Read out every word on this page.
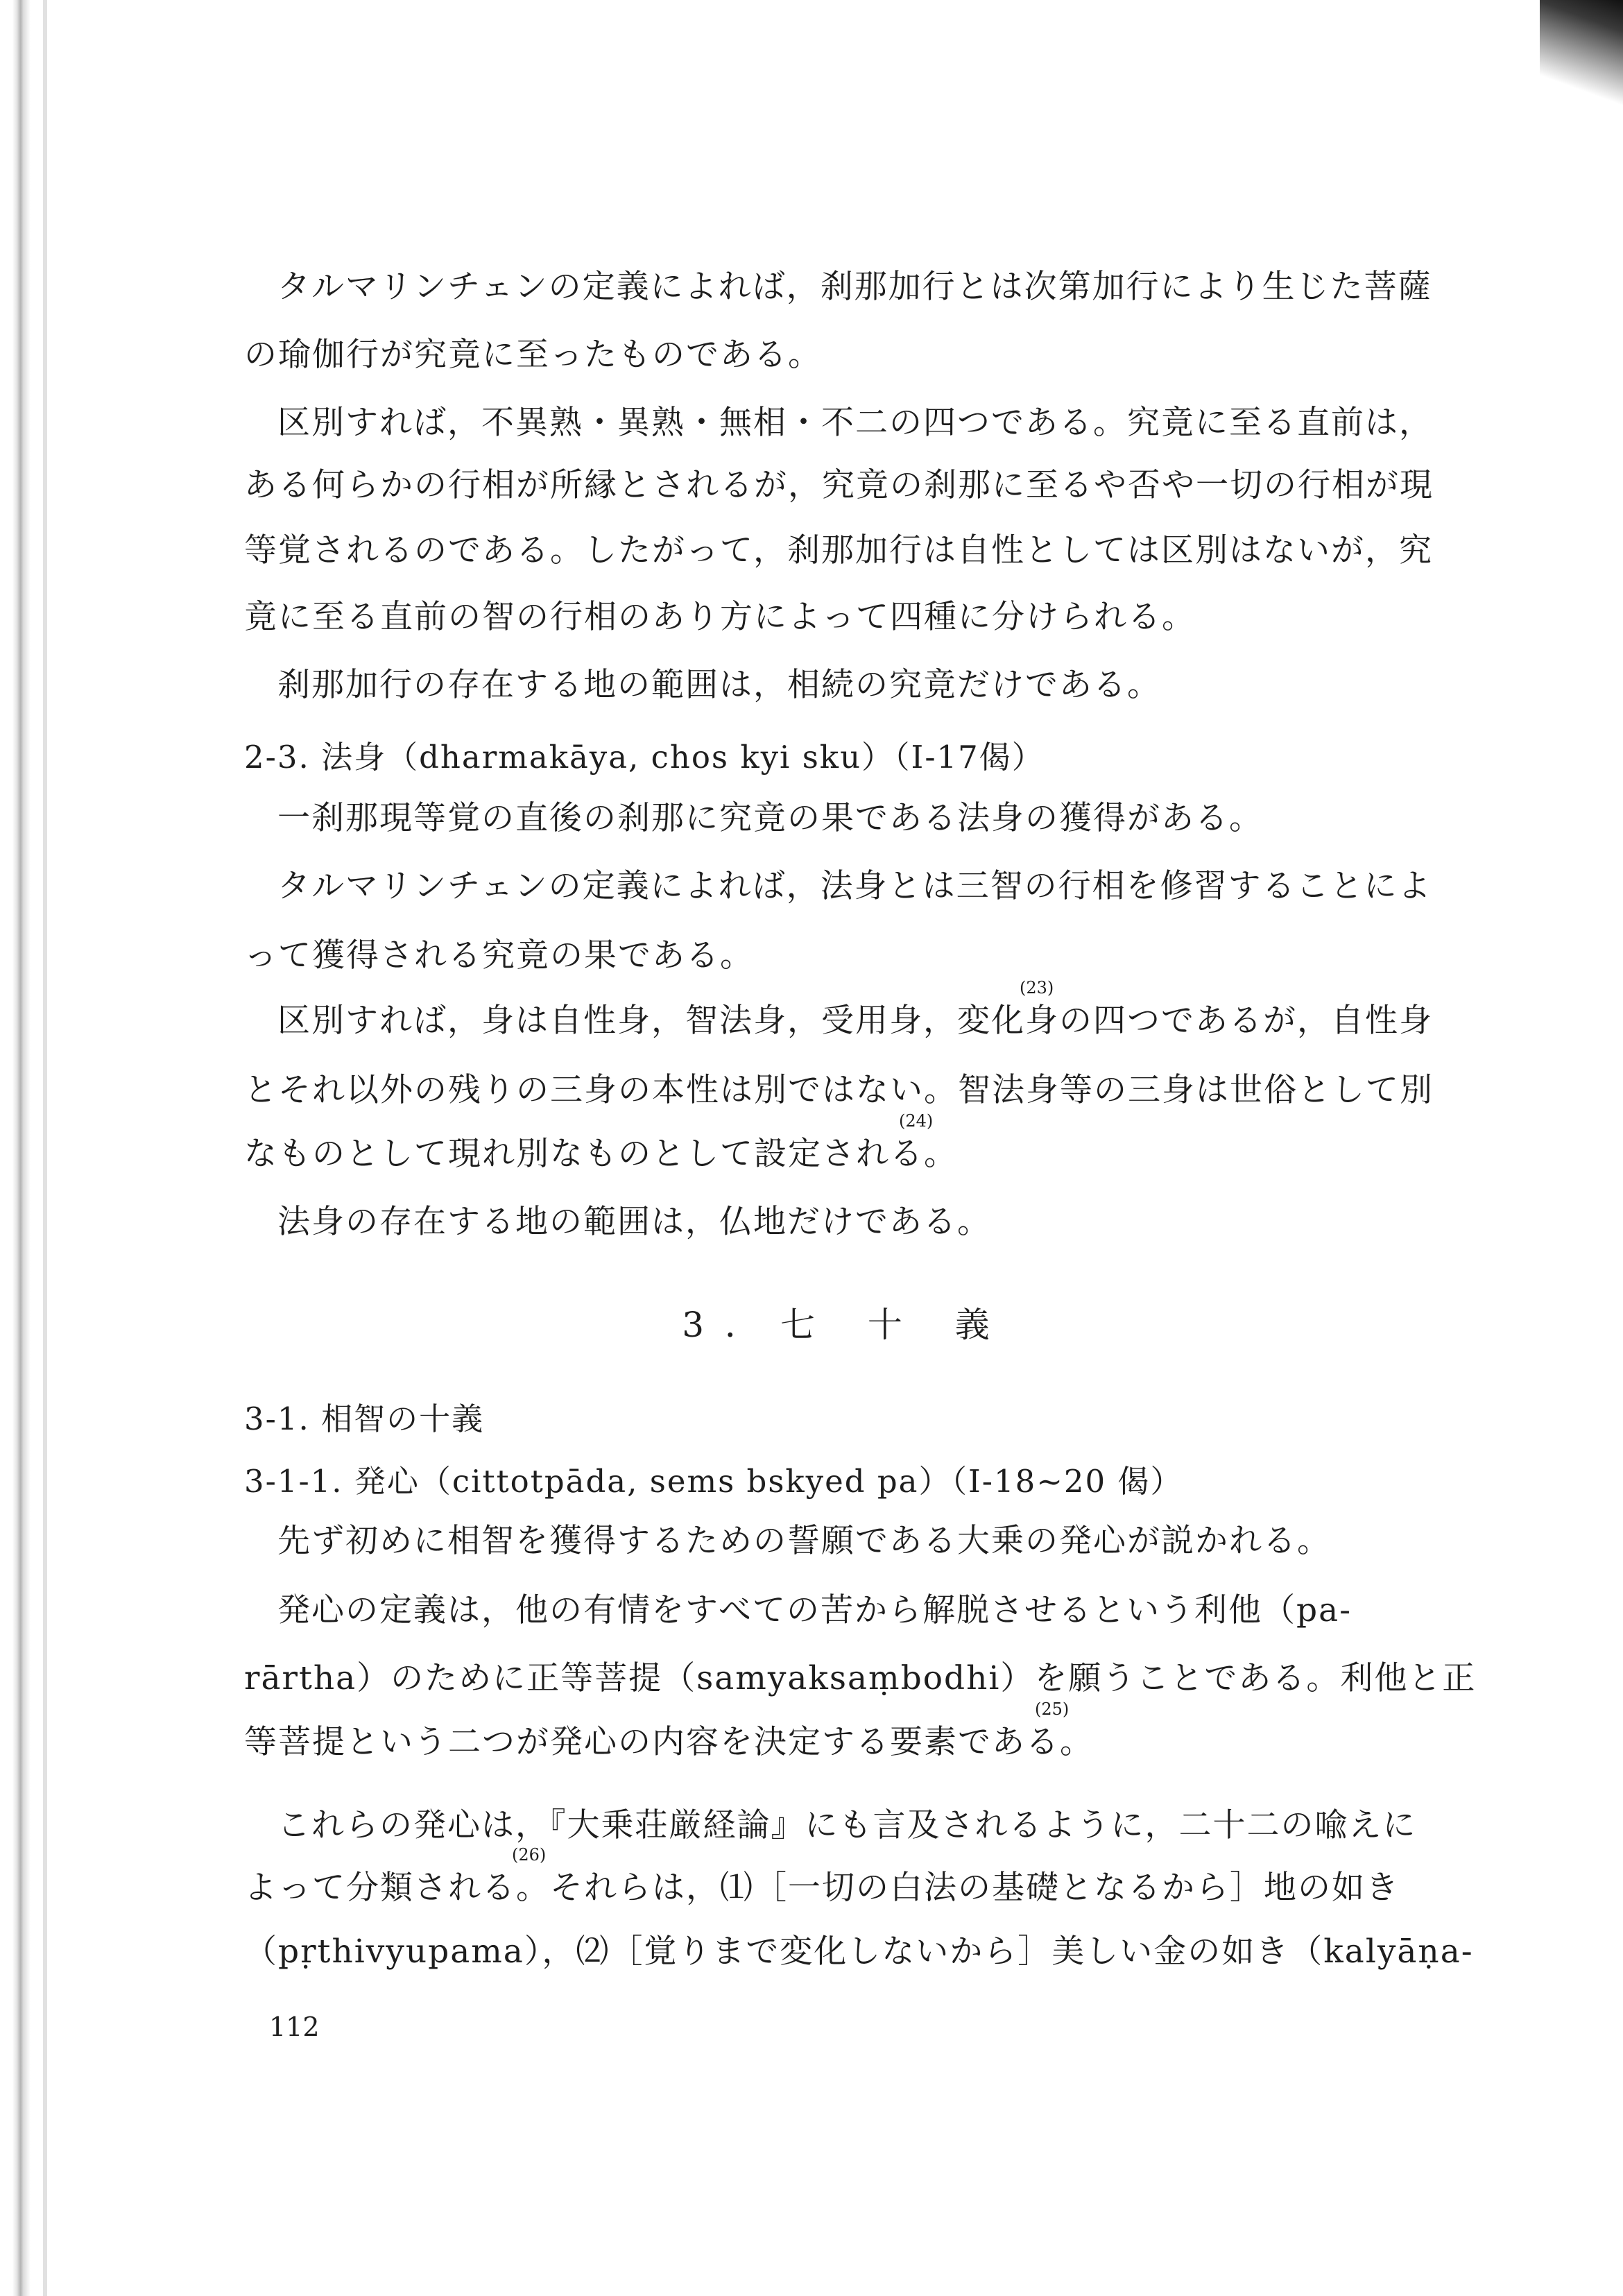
タルマリンチェンの定義によれば，刹那加行とは次第加行により生じた菩薩
の瑜伽行が究竟に至ったものである。
区別すれば，不異熟・異熟・無相・不二の四つである。究竟に至る直前は，
ある何らかの行相が所縁とされるが，究竟の刹那に至るや否や一切の行相が現
等覚されるのである。したがって，刹那加行は自性としては区別はないが，究
竟に至る直前の智の行相のあり方によって四種に分けられる。
刹那加行の存在する地の範囲は，相続の究竟だけである。
2-3. 法身（dharmakāya, chos kyi sku）（I-17偈）
一刹那現等覚の直後の刹那に究竟の果である法身の獲得がある。
タルマリンチェンの定義によれば，法身とは三智の行相を修習することによ
って獲得される究竟の果である。
(23)
区別すれば，身は自性身，智法身，受用身，変化身の四つであるが，自性身
とそれ以外の残りの三身の本性は別ではない。智法身等の三身は世俗として別
(24)
なものとして現れ別なものとして設定される。
法身の存在する地の範囲は，仏地だけである。
3．七 十 義
3-1. 相智の十義
3-1-1. 発心（cittotpāda, sems bskyed pa）（I-18~20 偈）
先ず初めに相智を獲得するための誓願である大乗の発心が説かれる。
発心の定義は，他の有情をすべての苦から解脱させるという利他（pa-
rārtha）のために正等菩提（samyaksaṃbodhi）を願うことである。利他と正
(25)
等菩提という二つが発心の内容を決定する要素である。
これらの発心は，『大乗荘厳経論』にも言及されるように，二十二の喩えに
(26)
よって分類される。それらは，⑴［一切の白法の基礎となるから］地の如き
（pṛthivyupama），⑵［覚りまで変化しないから］美しい金の如き（kalyāṇa-
112
